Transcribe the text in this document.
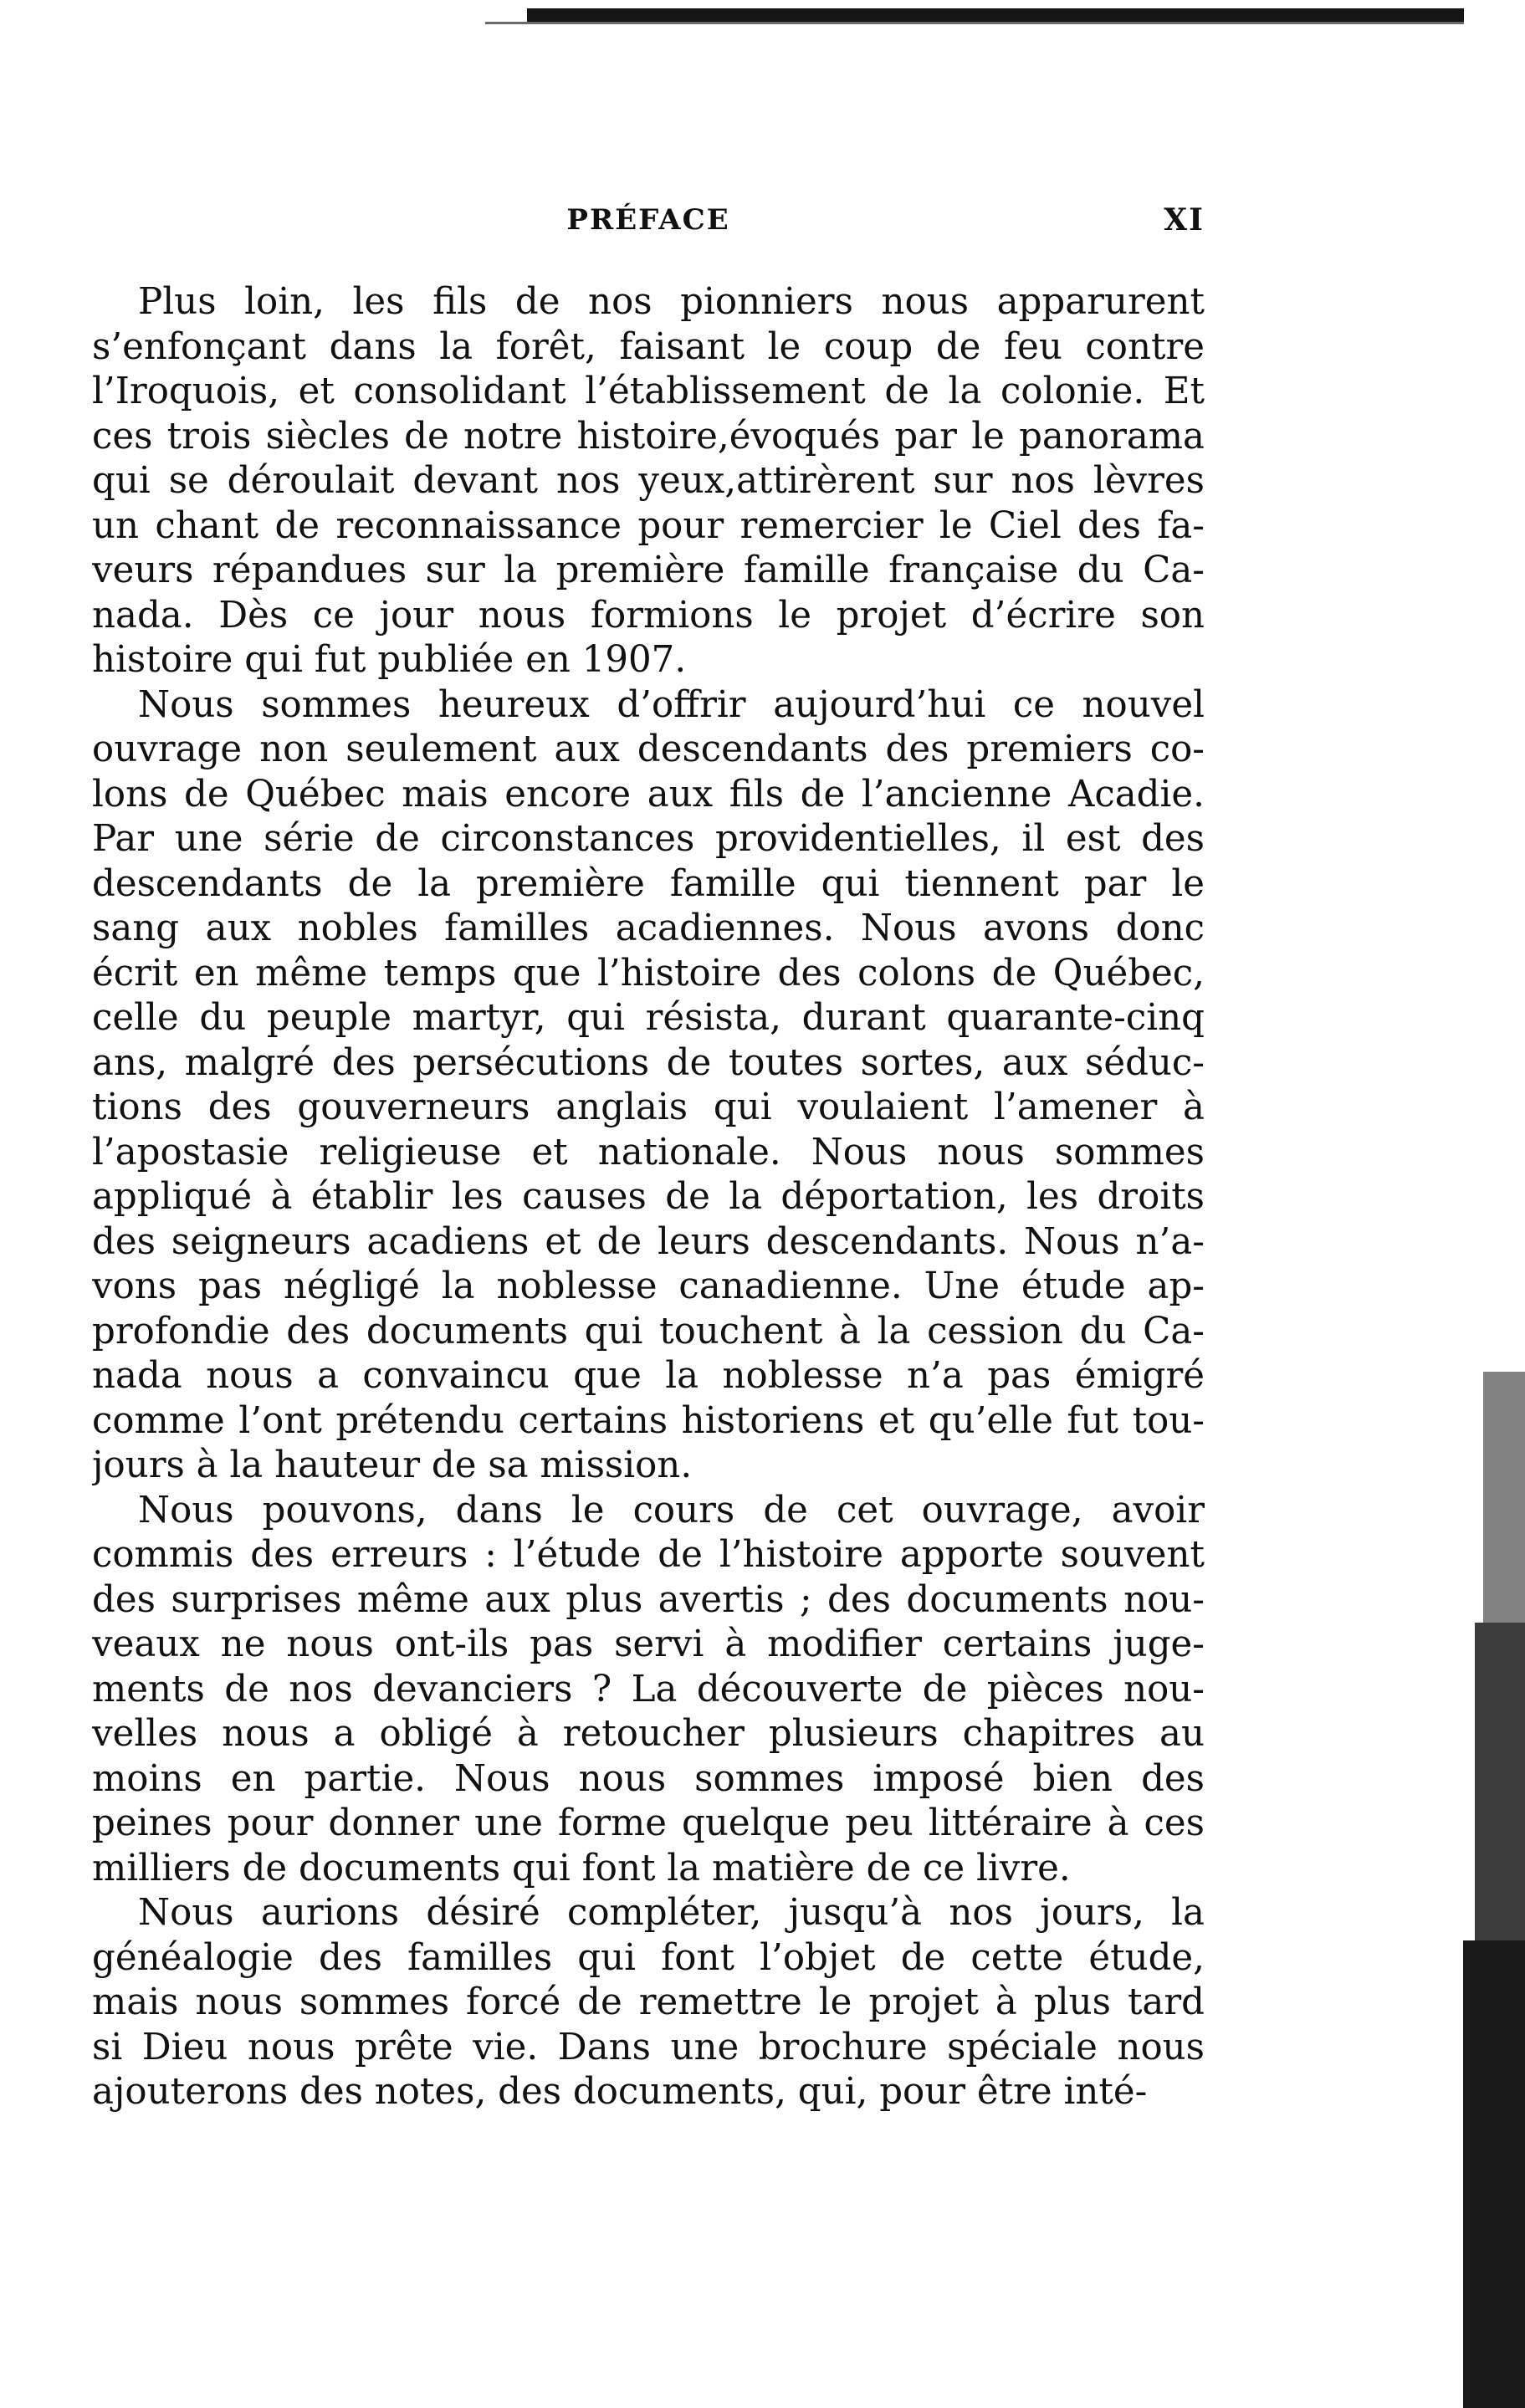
PRÉFACE	XI
Plus loin, les fils de nos pionniers nous apparurent
s’enfonçant dans la forêt, faisant le coup de feu contre
l’Iroquois, et consolidant l’établissement de la colonie. Et
ces trois siècles de notre histoire,évoqués par le panorama
qui se déroulait devant nos yeux,attirèrent sur nos lèvres
un chant de reconnaissance pour remercier le Ciel des fa-
veurs répandues sur la première famille française du Ca-
nada. Dès ce jour nous formions le projet d’écrire son
histoire qui fut publiée en 1907.
Nous sommes heureux d’offrir aujourd’hui ce nouvel
ouvrage non seulement aux descendants des premiers co-
lons de Québec mais encore aux fils de l’ancienne Acadie.
Par une série de circonstances providentielles, il est des
descendants de la première famille qui tiennent par le
sang aux nobles familles acadiennes. Nous avons donc
écrit en même temps que l’histoire des colons de Québec,
celle du peuple martyr, qui résista, durant quarante-cinq
ans, malgré des persécutions de toutes sortes, aux séduc-
tions des gouverneurs anglais qui voulaient l’amener à
l’apostasie religieuse et nationale. Nous nous sommes
appliqué à établir les causes de la déportation, les droits
des seigneurs acadiens et de leurs descendants. Nous n’a-
vons pas négligé la noblesse canadienne. Une étude ap-
profondie des documents qui touchent à la cession du Ca-
nada nous a convaincu que la noblesse n’a pas émigré
comme l’ont prétendu certains historiens et qu’elle fut tou-
jours à la hauteur de sa mission.
Nous pouvons, dans le cours de cet ouvrage, avoir
commis des erreurs : l’étude de l’histoire apporte souvent
des surprises même aux plus avertis ; des documents nou-
veaux ne nous ont-ils pas servi à modifier certains juge-
ments de nos devanciers ? La découverte de pièces nou-
velles nous a obligé à retoucher plusieurs chapitres au
moins en partie. Nous nous sommes imposé bien des
peines pour donner une forme quelque peu littéraire à ces
milliers de documents qui font la matière de ce livre.
Nous aurions désiré compléter, jusqu’à nos jours, la
généalogie des familles qui font l’objet de cette étude,
mais nous sommes forcé de remettre le projet à plus tard
si Dieu nous prête vie. Dans une brochure spéciale nous
ajouterons des notes, des documents, qui, pour être inté-
